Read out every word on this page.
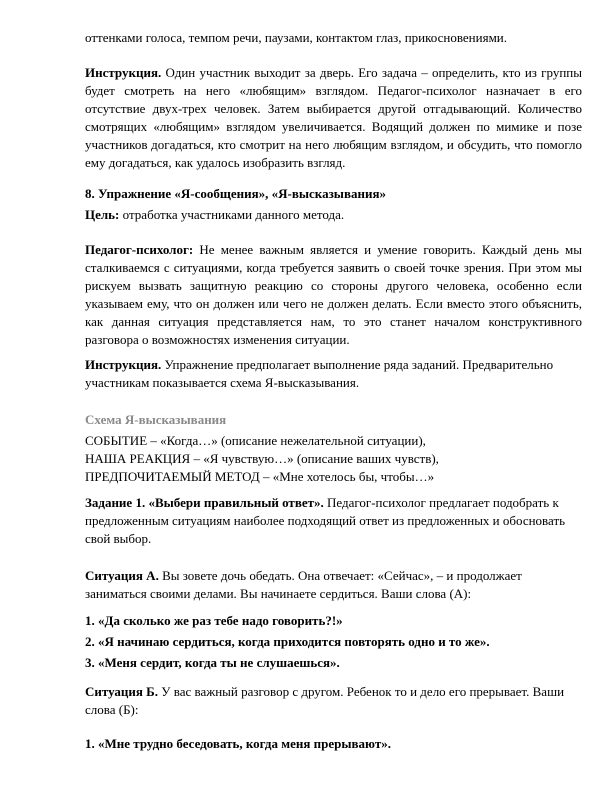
оттенками голоса, темпом речи, паузами, контактом глаз, прикосновениями.

Инструкция. Один участник выходит за дверь. Его задача – определить, кто из группы будет смотреть на него «любящим» взглядом. Педагог-психолог назначает в его отсутствие двух-трех человек. Затем выбирается другой отгадывающий. Количество смотрящих «любящим» взглядом увеличивается. Водящий должен по мимике и позе участников догадаться, кто смотрит на него любящим взглядом, и обсудить, что помогло ему догадаться, как удалось изобразить взгляд.

8. Упражнение «Я-сообщения», «Я-высказывания»

Цель: отработка участниками данного метода.

Педагог-психолог: Не менее важным является и умение говорить. Каждый день мы сталкиваемся с ситуациями, когда требуется заявить о своей точке зрения. При этом мы рискуем вызвать защитную реакцию со стороны другого человека, особенно если указываем ему, что он должен или чего не должен делать. Если вместо этого объяснить, как данная ситуация представляется нам, то это станет началом конструктивного разговора о возможностях изменения ситуации.

Инструкция. Упражнение предполагает выполнение ряда заданий. Предварительно
участникам показывается схема Я-высказывания.

Схема Я-высказывания

СОБЫТИЕ – «Когда…» (описание нежелательной ситуации),
НАША РЕАКЦИЯ – «Я чувствую…» (описание ваших чувств),
ПРЕДПОЧИТАЕМЫЙ МЕТОД – «Мне хотелось бы, чтобы…»

Задание 1. «Выбери правильный ответ». Педагог-психолог предлагает подобрать к
предложенным ситуациям наиболее подходящий ответ из предложенных и обосновать
свой выбор.

Ситуация А. Вы зовете дочь обедать. Она отвечает: «Сейчас», – и продолжает
заниматься своими делами. Вы начинаете сердиться. Ваши слова (А):

1. «Да сколько же раз тебе надо говорить?!»
2. «Я начинаю сердиться, когда приходится повторять одно и то же».
3. «Меня сердит, когда ты не слушаешься».

Ситуация Б. У вас важный разговор с другом. Ребенок то и дело его прерывает. Ваши
слова (Б):

1. «Мне трудно беседовать, когда меня прерывают».
